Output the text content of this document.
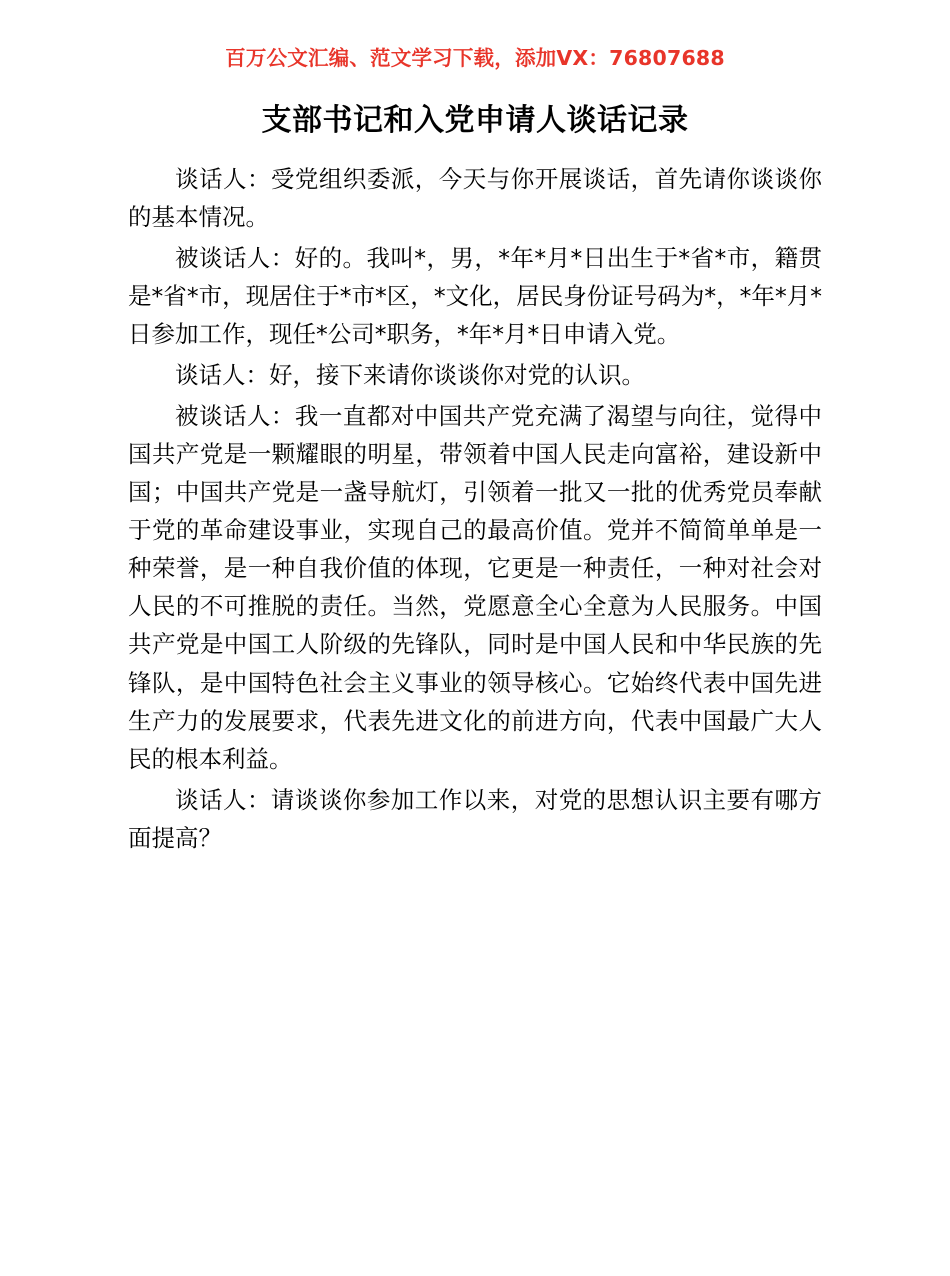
百万公文汇编、范文学习下载，添加VX：76807688
支部书记和入党申请人谈话记录

谈话人：受党组织委派，今天与你开展谈话，首先请你谈谈你的基本情况。

被谈话人：好的。我叫*，男，*年*月*日出生于*省*市，籍贯是*省*市，现居住于*市*区，*文化，居民身份证号码为*，*年*月*日参加工作，现任*公司*职务，*年*月*日申请入党。

谈话人：好，接下来请你谈谈你对党的认识。

被谈话人：我一直都对中国共产党充满了渴望与向往，觉得中国共产党是一颗耀眼的明星，带领着中国人民走向富裕，建设新中国；中国共产党是一盏导航灯，引领着一批又一批的优秀党员奉献于党的革命建设事业，实现自己的最高价值。党并不简简单单是一种荣誉，是一种自我价值的体现，它更是一种责任，一种对社会对人民的不可推脱的责任。当然，党愿意全心全意为人民服务。中国共产党是中国工人阶级的先锋队，同时是中国人民和中华民族的先锋队，是中国特色社会主义事业的领导核心。它始终代表中国先进生产力的发展要求，代表先进文化的前进方向，代表中国最广大人民的根本利益。

谈话人：请谈谈你参加工作以来，对党的思想认识主要有哪方面提高？
